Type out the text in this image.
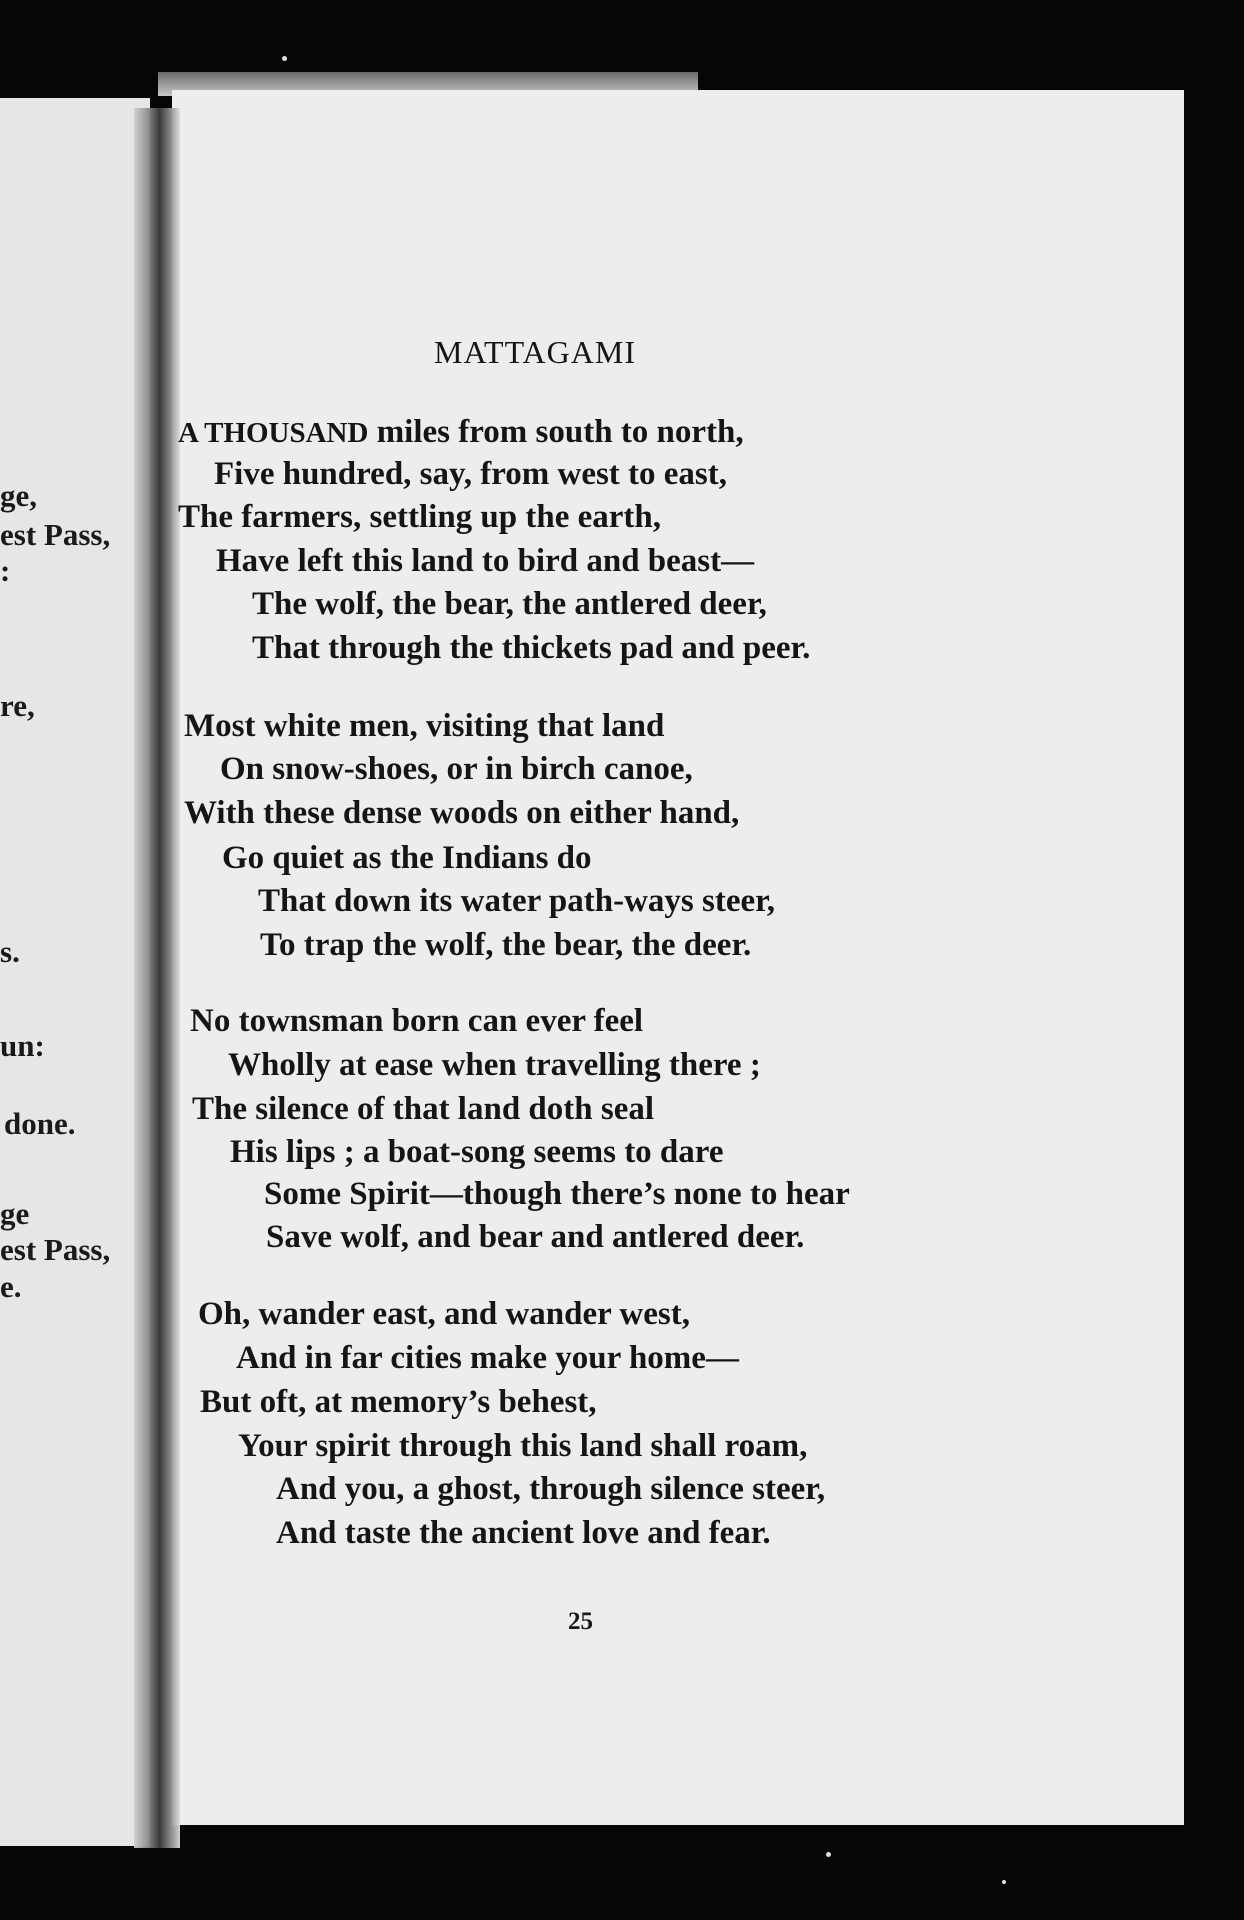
ge,
est Pass,
:
re,
s.
un:
done.
ge
est Pass,
e.
MATTAGAMI
A THOUSAND miles from south to north,
Five hundred, say, from west to east,
The farmers, settling up the earth,
Have left this land to bird and beast—
The wolf, the bear, the antlered deer,
That through the thickets pad and peer.
Most white men, visiting that land
On snow-shoes, or in birch canoe,
With these dense woods on either hand,
Go quiet as the Indians do
That down its water path-ways steer,
To trap the wolf, the bear, the deer.
No townsman born can ever feel
Wholly at ease when travelling there ;
The silence of that land doth seal
His lips ; a boat-song seems to dare
Some Spirit—though there’s none to hear
Save wolf, and bear and antlered deer.
Oh, wander east, and wander west,
And in far cities make your home—
But oft, at memory’s behest,
Your spirit through this land shall roam,
And you, a ghost, through silence steer,
And taste the ancient love and fear.
25
